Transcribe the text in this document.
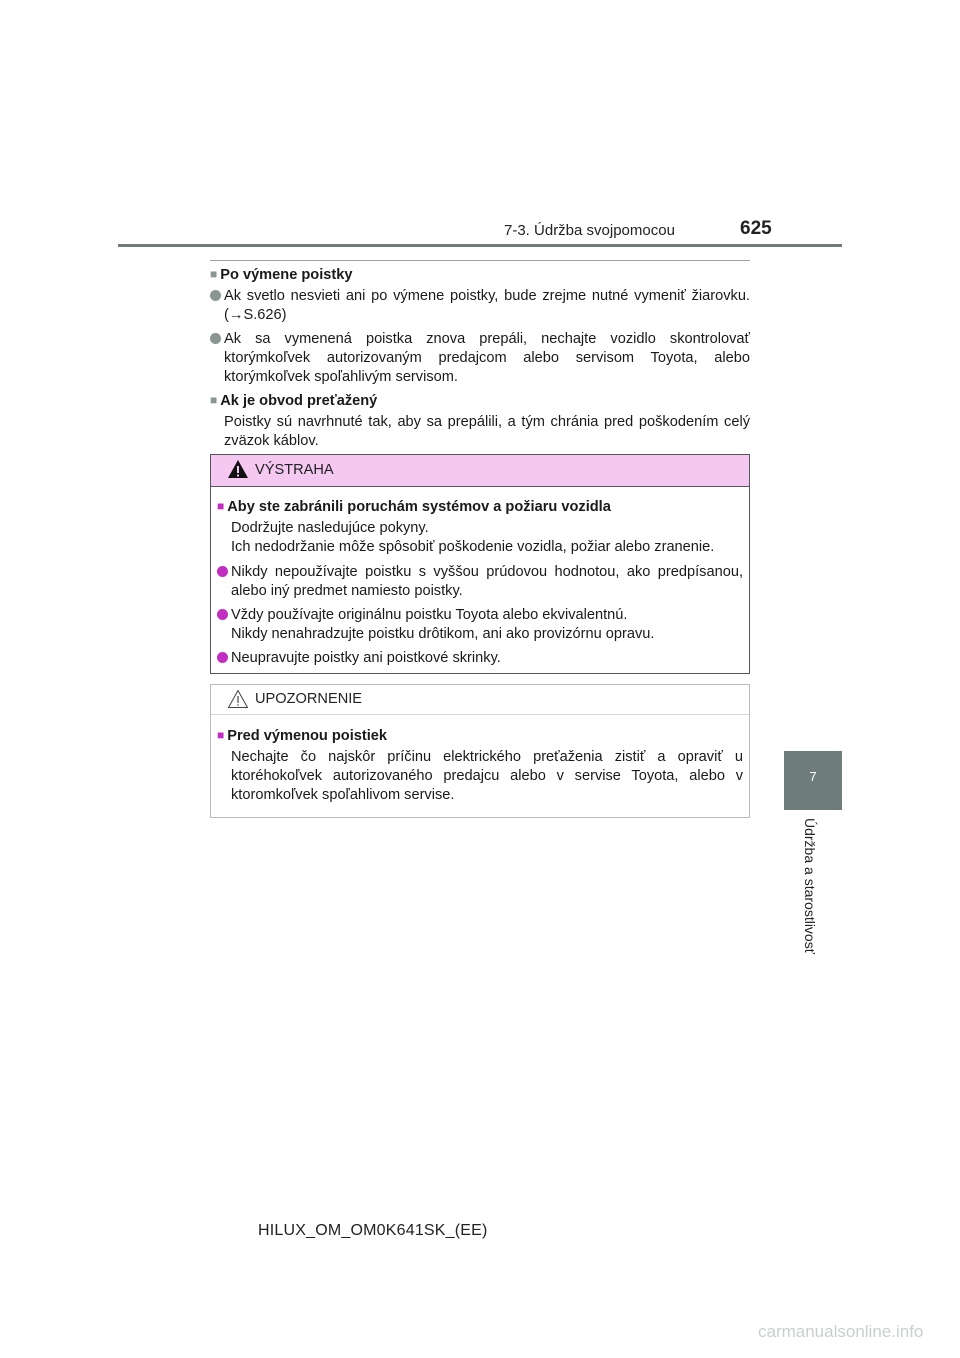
7-3. Údržba svojpomocou	625
7
Údržba a starostlivosť
■ Po výmene poistky
Ak svetlo nesvieti ani po výmene poistky, bude zrejme nutné vymeniť žiarovku. (→S.626)
Ak sa vymenená poistka znova prepáli, nechajte vozidlo skontrolovať ktorýmkoľvek autorizovaným predajcom alebo servisom Toyota, alebo ktorýmkoľvek spoľahlivým servisom.
■ Ak je obvod preťažený
Poistky sú navrhnuté tak, aby sa prepálili, a tým chránia pred poškodením celý zväzok káblov.
VÝSTRAHA
■ Aby ste zabránili poruchám systémov a požiaru vozidla
Dodržujte nasledujúce pokyny.
Ich nedodržanie môže spôsobiť poškodenie vozidla, požiar alebo zranenie.
Nikdy nepoužívajte poistku s vyššou prúdovou hodnotou, ako predpísanou, alebo iný predmet namiesto poistky.
Vždy používajte originálnu poistku Toyota alebo ekvivalentnú.
Nikdy nenahradzujte poistku drôtikom, ani ako provizórnu opravu.
Neupravujte poistky ani poistkové skrinky.
UPOZORNENIE
■ Pred výmenou poistiek
Nechajte čo najskôr príčinu elektrického preťaženia zistiť a opraviť u ktoréhokoľvek autorizovaného predajcu alebo v servise Toyota, alebo v ktoromkoľvek spoľahlivom servise.
HILUX_OM_OM0K641SK_(EE)
carmanualsonline.info
